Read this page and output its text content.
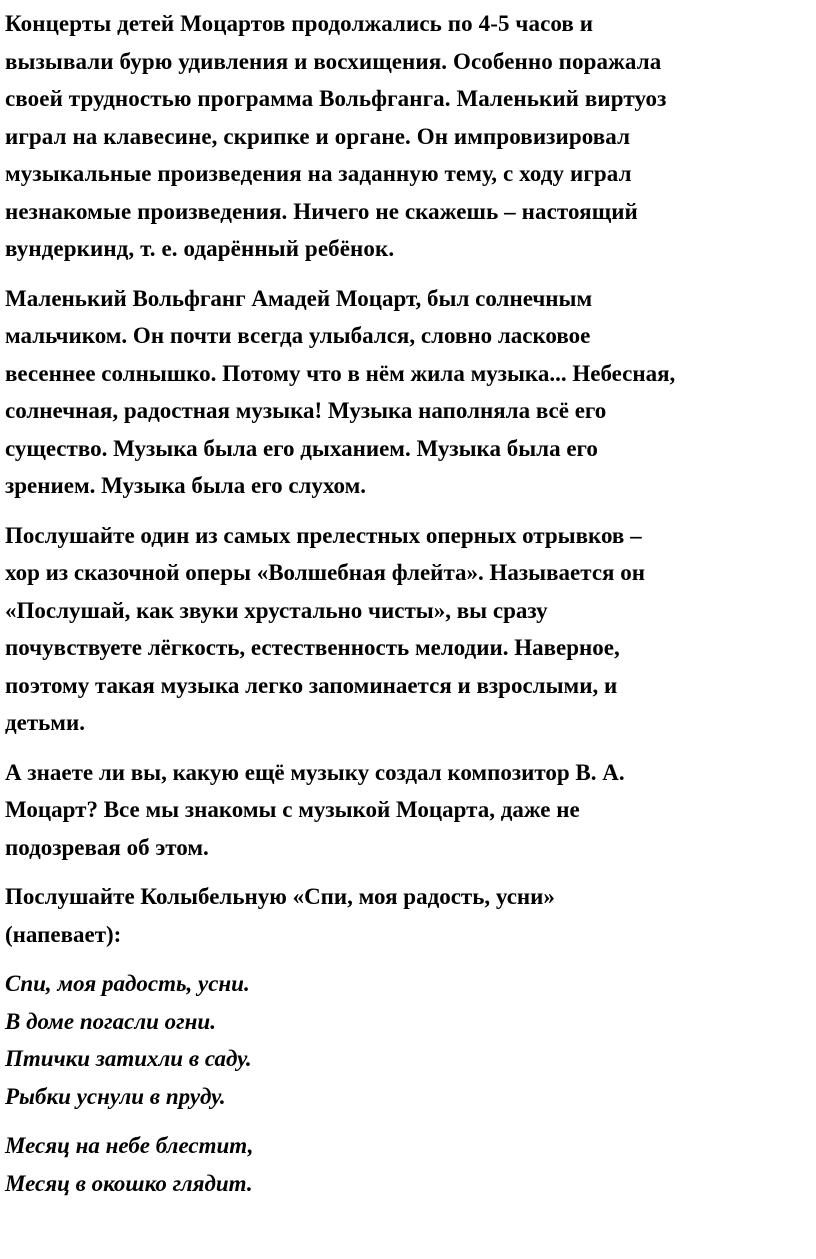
Концерты детей Моцартов продолжались по 4-5 часов и
вызывали бурю удивления и восхищения. Особенно поражала
своей трудностью программа Вольфганга. Маленький виртуоз
играл на клавесине, скрипке и органе. Он импровизировал
музыкальные произведения на заданную тему, с ходу играл
незнакомые произведения. Ничего не скажешь – настоящий
вундеркинд, т. е. одарённый ребёнок.

Маленький Вольфганг Амадей Моцарт, был солнечным
мальчиком. Он почти всегда улыбался, словно ласковое
весеннее солнышко. Потому что в нём жила музыка... Небесная,
солнечная, радостная музыка! Музыка наполняла всё его
существо. Музыка была его дыханием. Музыка была его
зрением. Музыка была его слухом.

Послушайте один из самых прелестных оперных отрывков –
хор из сказочной оперы «Волшебная флейта». Называется он
«Послушай, как звуки хрустально чисты», вы сразу
почувствуете лёгкость, естественность мелодии. Наверное,
поэтому такая музыка легко запоминается и взрослыми, и
детьми.

А знаете ли вы, какую ещё музыку создал композитор В. А.
Моцарт? Все мы знакомы с музыкой Моцарта, даже не
подозревая об этом.

Послушайте Колыбельную «Спи, моя радость, усни»
(напевает):

Спи, моя радость, усни.
В доме погасли огни.
Птички затихли в саду.
Рыбки уснули в пруду.

Месяц на небе блестит,
Месяц в окошко глядит.
